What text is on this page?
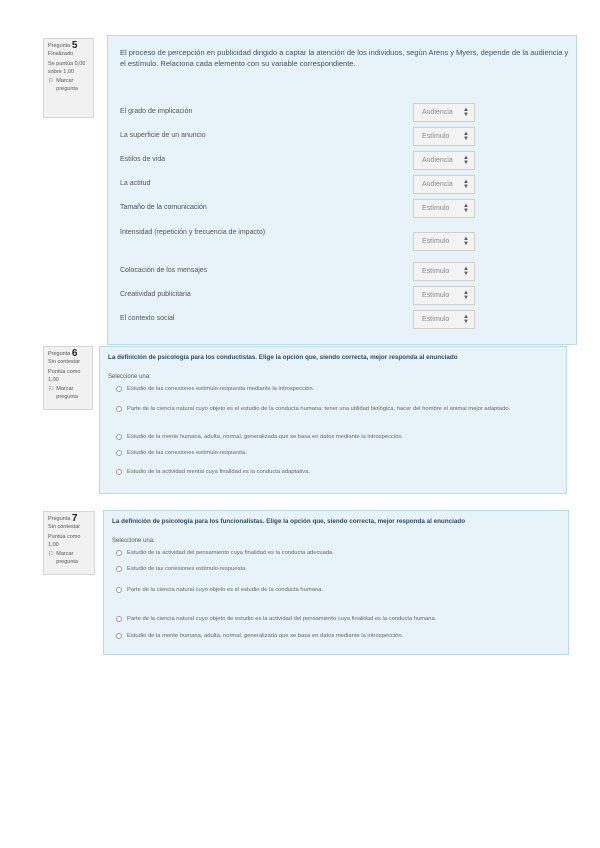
Pregunta 5
Finalizado
Se puntúa 0,00 sobre 1,00
⚐ Marcar pregunta
El proceso de percepción en publicidad dirigido a captar la atención de los individuos, según Arens y Myers, depende de la audiencia y el estímulo. Relaciona cada elemento con su variable correspondiente.
El grado de implicación	Audiencia ▲
▼
La superficie de un anuncio	Estímulo ▲
▼
Estilos de vida	Audiencia ▲
▼
La actitud	Audiencia ▲
▼
Tamaño de la comunicación	Estímulo ▲
▼
Intensidad (repetición y frecuencia de impacto)
Estímulo ▲
▼
Colocación de los mensajes	Estímulo ▲
▼
Creatividad publicitaria	Estímulo ▲
▼
El contexto social	Estímulo ▲
▼
Pregunta 6
Sin contestar
Puntúa como 1,00
⚐ Marcar pregunta
La definición de psicología para los conductistas. Elige la opción que, siendo correcta, mejor responda al enunciado
Seleccione una:
Estudio de las conexiones estímulo-respuesta mediante la introspección.
Parte de la ciencia natural cuyo objeto es el estudio de la conducta humana; tener una utilidad biológica, hacer del hombre el animal mejor adaptado.
Estudio de la mente humana, adulta, normal, generalizada que se basa en datos mediante la introspección.
Estudio de las conexiones estímulo-respuesta.
Estudio de la actividad mental cuya finalidad es la conducta adaptativa.
Pregunta 7
Sin contestar
Puntúa como 1,00
⚐ Marcar pregunta
La definición de psicología para los funcionalistas. Elige la opción que, siendo correcta, mejor responda al enunciado
Seleccione una:
Estudio de la actividad del pensamiento cuya finalidad es la conducta adecuada.
Estudio de las conexiones estímulo-respuesta.
Parte de la ciencia natural cuyo objeto es el estudio de la conducta humana.
Parte de la ciencia natural cuyo objeto de estudio es la actividad del pensamiento cuya finalidad es la conducta humana.
Estudio de la mente humana, adulta, normal, generalizada que se basa en datos mediante la introspección.
